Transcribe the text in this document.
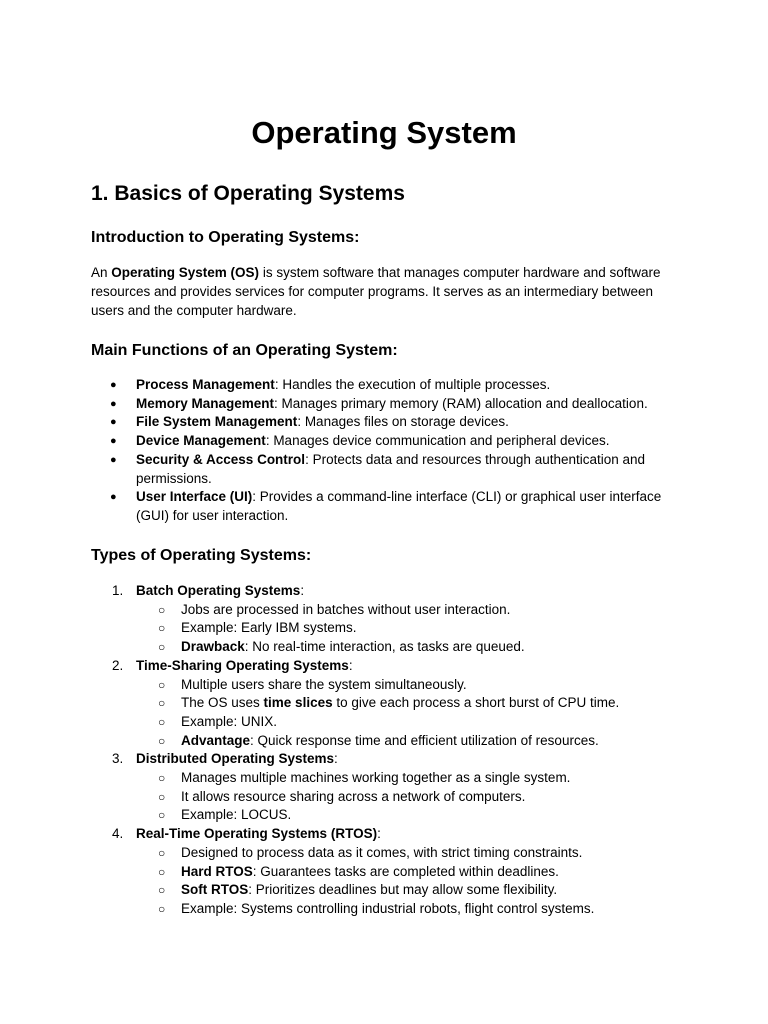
Operating System
1. Basics of Operating Systems
Introduction to Operating Systems:

An Operating System (OS) is system software that manages computer hardware and software resources and provides services for computer programs. It serves as an intermediary between users and the computer hardware.

Main Functions of an Operating System:
● Process Management: Handles the execution of multiple processes.
● Memory Management: Manages primary memory (RAM) allocation and deallocation.
● File System Management: Manages files on storage devices.
● Device Management: Manages device communication and peripheral devices.
● Security & Access Control: Protects data and resources through authentication and permissions.
● User Interface (UI): Provides a command-line interface (CLI) or graphical user interface (GUI) for user interaction.
Types of Operating Systems:
1. Batch Operating Systems:
○ Jobs are processed in batches without user interaction.
○ Example: Early IBM systems.
○ Drawback: No real-time interaction, as tasks are queued.
2. Time-Sharing Operating Systems:
○ Multiple users share the system simultaneously.
○ The OS uses time slices to give each process a short burst of CPU time.
○ Example: UNIX.
○ Advantage: Quick response time and efficient utilization of resources.
3. Distributed Operating Systems:
○ Manages multiple machines working together as a single system.
○ It allows resource sharing across a network of computers.
○ Example: LOCUS.
4. Real-Time Operating Systems (RTOS):
○ Designed to process data as it comes, with strict timing constraints.
○ Hard RTOS: Guarantees tasks are completed within deadlines.
○ Soft RTOS: Prioritizes deadlines but may allow some flexibility.
○ Example: Systems controlling industrial robots, flight control systems.
